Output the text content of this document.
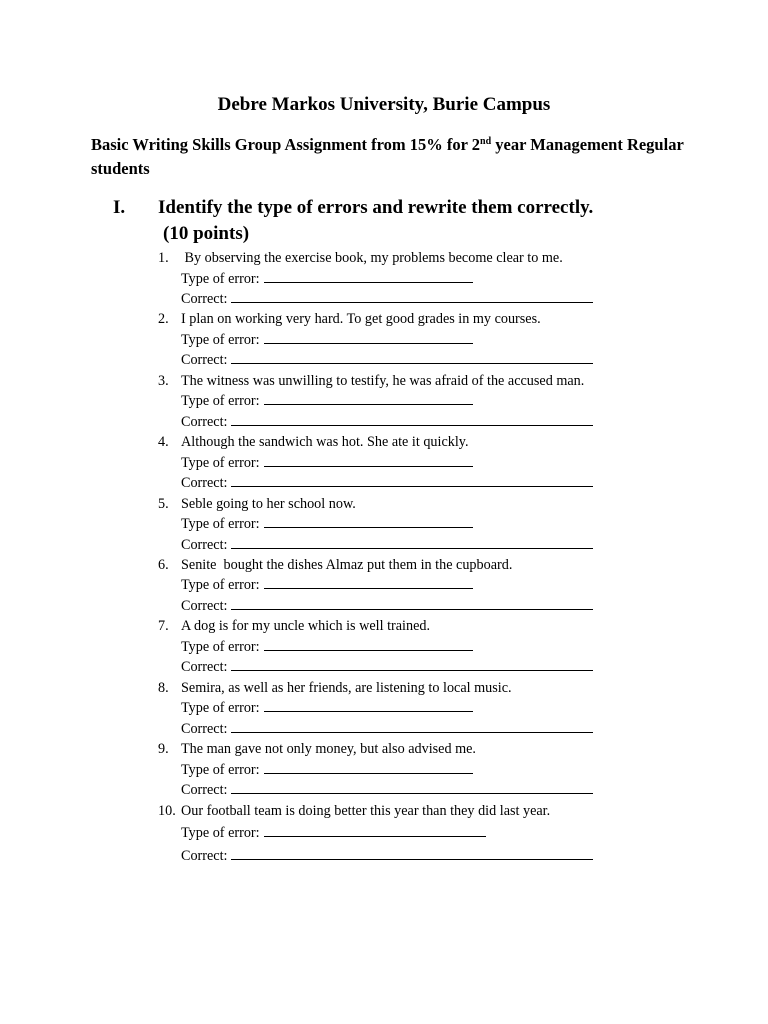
Debre Markos University, Burie Campus
Basic Writing Skills Group Assignment from 15% for 2nd year Management Regular students
I. Identify the type of errors and rewrite them correctly.
(10 points)
1. By observing the exercise book, my problems become clear to me.
Type of error:
Correct:
2. I plan on working very hard. To get good grades in my courses.
Type of error:
Correct:
3. The witness was unwilling to testify, he was afraid of the accused man.
Type of error:
Correct:
4. Although the sandwich was hot. She ate it quickly.
Type of error:
Correct:
5. Seble going to her school now.
Type of error:
Correct:
6. Senite  bought the dishes Almaz put them in the cupboard.
Type of error:
Correct:
7. A dog is for my uncle which is well trained.
Type of error:
Correct:
8. Semira, as well as her friends, are listening to local music.
Type of error:
Correct:
9. The man gave not only money, but also advised me.
Type of error:
Correct:
10. Our football team is doing better this year than they did last year.
Type of error:
Correct:
